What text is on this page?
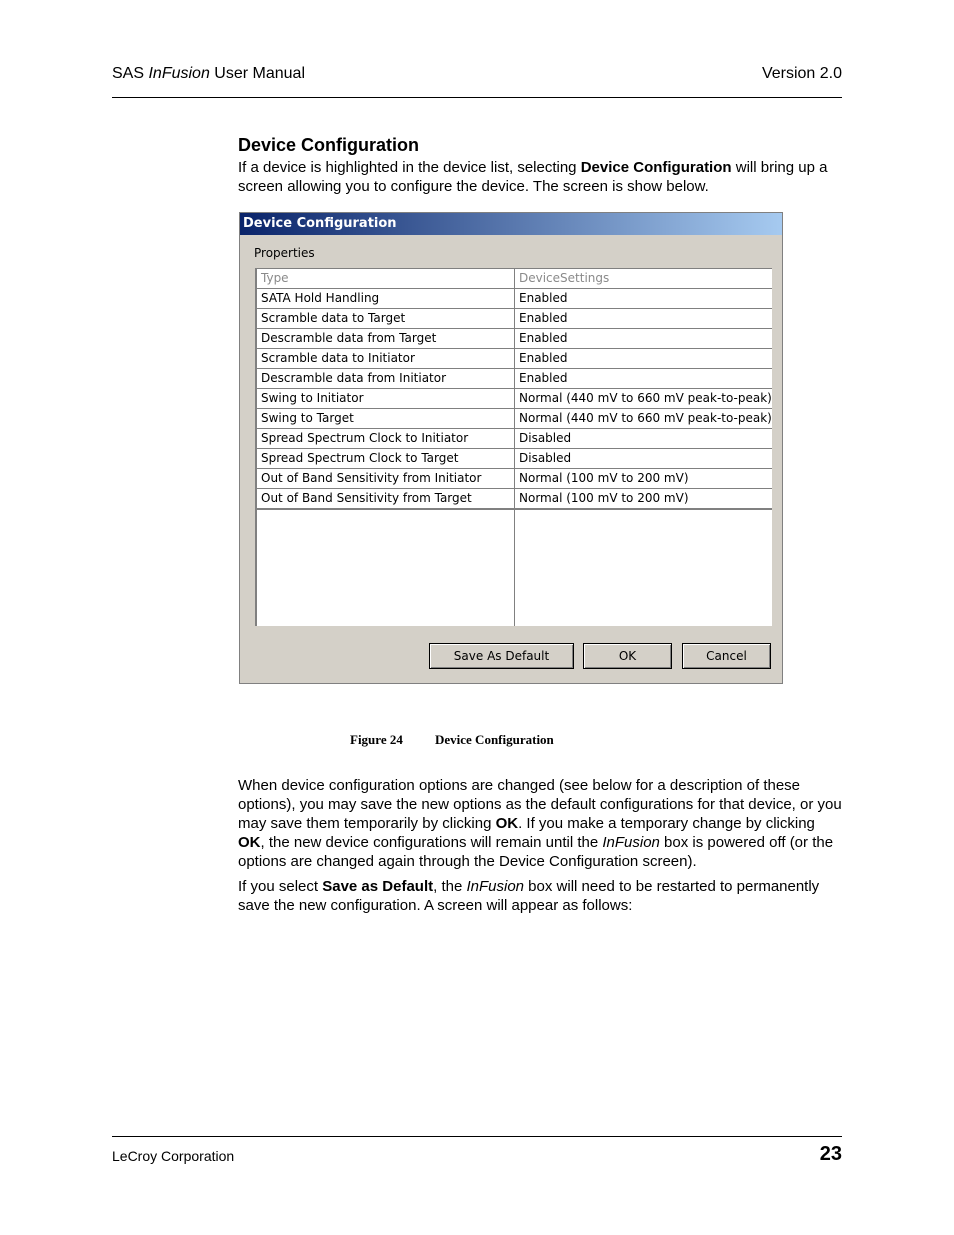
SAS InFusion User Manual	Version 2.0
Device Configuration
If a device is highlighted in the device list, selecting Device Configuration will bring up a screen allowing you to configure the device. The screen is show below.
Device Configuration
Properties
Type	DeviceSettings
SATA Hold Handling	Enabled
Scramble data to Target	Enabled
Descramble data from Target	Enabled
Scramble data to Initiator	Enabled
Descramble data from Initiator	Enabled
Swing to Initiator	Normal (440 mV to 660 mV peak-to-peak)
Swing to Target	Normal (440 mV to 660 mV peak-to-peak)
Spread Spectrum Clock to Initiator	Disabled
Spread Spectrum Clock to Target	Disabled
Out of Band Sensitivity from Initiator	Normal (100 mV to 200 mV)
Out of Band Sensitivity from Target	Normal (100 mV to 200 mV)
Save As Default	OK	Cancel
Figure 24 Device Configuration
When device configuration options are changed (see below for a description of these options), you may save the new options as the default configurations for that device, or you may save them temporarily by clicking OK. If you make a temporary change by clicking OK, the new device configurations will remain until the InFusion box is powered off (or the options are changed again through the Device Configuration screen).
If you select Save as Default, the InFusion box will need to be restarted to permanently save the new configuration. A screen will appear as follows:
LeCroy Corporation	23
